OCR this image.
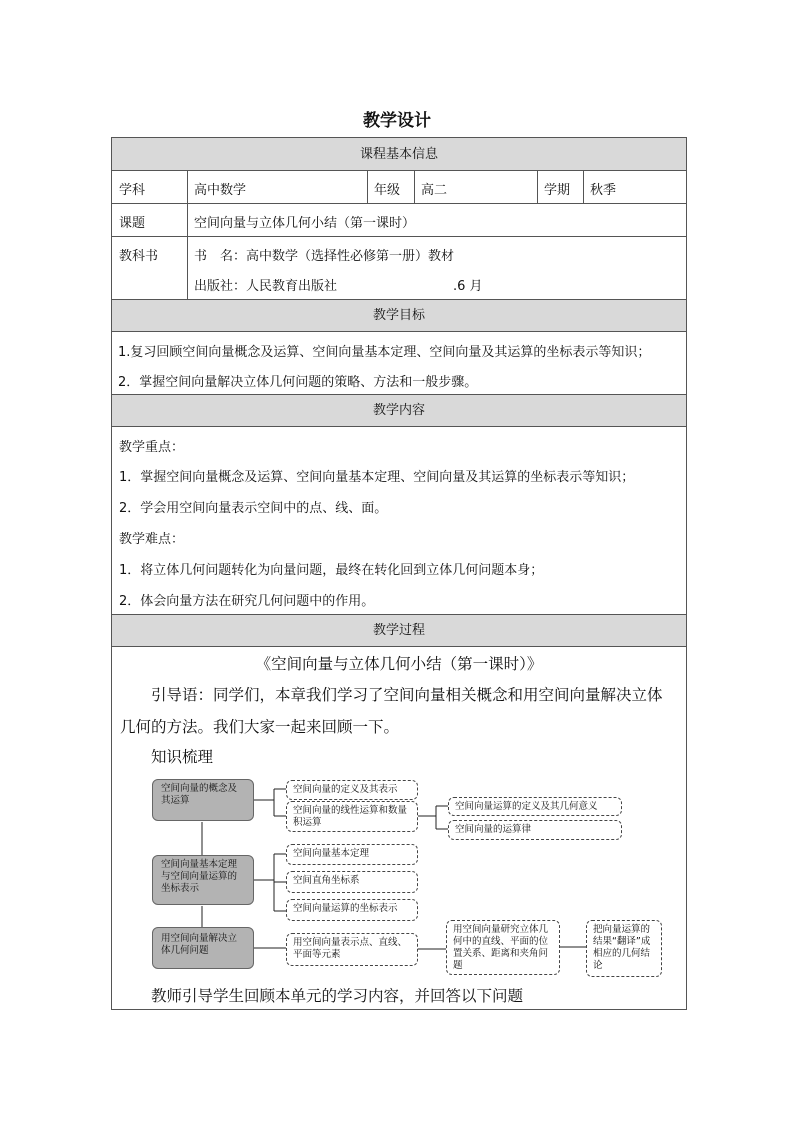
教学设计
课程基本信息
学科	高中数学	年级 高二	学期 秋季
课题	空间向量与立体几何小结（第一课时）
教科书	书　名：高中数学（选择性必修第一册）教材
出版社：人民教育出版社	.6 月
教学目标
1.复习回顾空间向量概念及运算、空间向量基本定理、空间向量及其运算的坐标表示等知识；
2．掌握空间向量解决立体几何问题的策略、方法和一般步骤。
教学内容
教学重点：
1．掌握空间向量概念及运算、空间向量基本定理、空间向量及其运算的坐标表示等知识；
2．学会用空间向量表示空间中的点、线、面。
教学难点：
1．将立体几何问题转化为向量问题，最终在转化回到立体几何问题本身；
2．体会向量方法在研究几何问题中的作用。
教学过程
《空间向量与立体几何小结（第一课时）》
引导语：同学们，本章我们学习了空间向量相关概念和用空间向量解决立体
几何的方法。我们大家一起来回顾一下。
知识梳理
空间向量的概念及其运算
空间向量基本定理与空间向量运算的坐标表示
用空间向量解决立体几何问题
空间向量的定义及其表示
空间向量的线性运算和数量积运算
空间向量运算的定义及其几何意义
空间向量的运算律
空间向量基本定理
空间直角坐标系
空间向量运算的坐标表示
用空间向量表示点、直线、平面等元素
用空间向量研究立体几何中的直线、平面的位置关系、距离和夹角问题
把向量运算的结果“翻译”成相应的几何结论
教师引导学生回顾本单元的学习内容，并回答以下问题
